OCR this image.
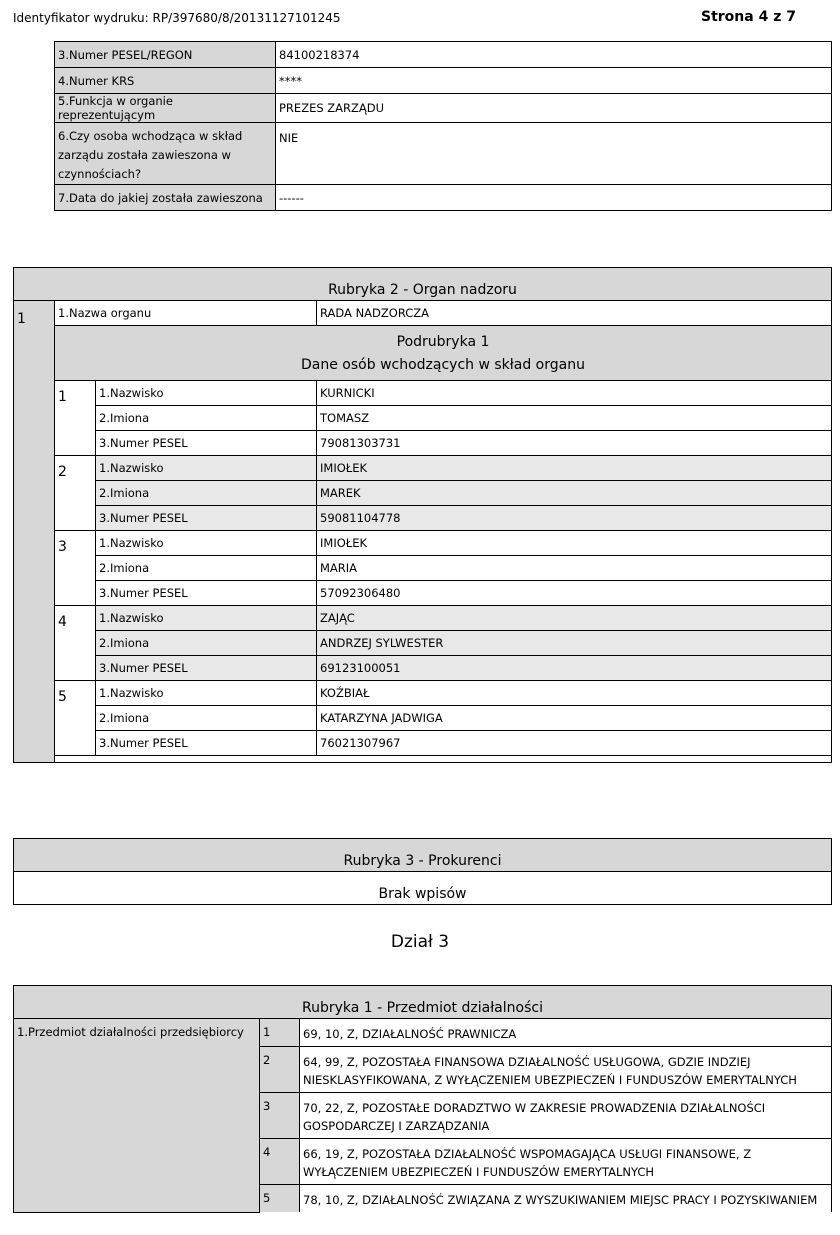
Identyfikator wydruku: RP/397680/8/20131127101245	Strona 4 z 7
3.Numer PESEL/REGON	84100218374
4.Numer KRS	****
5.Funkcja w organie reprezentującym	PREZES ZARZĄDU
6.Czy osoba wchodząca w skład zarządu została zawieszona w czynnościach?	NIE
7.Data do jakiej została zawieszona	------
Rubryka 2 - Organ nadzoru			
1	1.Nazwa organu		RADA NADZORCZA
	Podrubryka 1
Dane osób wchodzących w skład organu		
	1	1.Nazwisko	KURNICKI
		2.Imiona	TOMASZ
		3.Numer PESEL	79081303731
	2	1.Nazwisko	IMIOŁEK
		2.Imiona	MAREK
		3.Numer PESEL	59081104778
	3	1.Nazwisko	IMIOŁEK
		2.Imiona	MARIA
		3.Numer PESEL	57092306480
	4	1.Nazwisko	ZAJĄC
		2.Imiona	ANDRZEJ SYLWESTER
		3.Numer PESEL	69123100051
	5	1.Nazwisko	KOŹBIAŁ
		2.Imiona	KATARZYNA JADWIGA
		3.Numer PESEL	76021307967

Rubryka 3 - Prokurenci
Brak wpisów
Dział 3
Rubryka 1 - Przedmiot działalności		
1.Przedmiot działalności przedsiębiorcy	1	69, 10, Z, DZIAŁALNOŚĆ PRAWNICZA
	2	64, 99, Z, POZOSTAŁA FINANSOWA DZIAŁALNOŚĆ USŁUGOWA, GDZIE INDZIEJ NIESKLASYFIKOWANA, Z WYŁĄCZENIEM UBEZPIECZEŃ I FUNDUSZÓW EMERYTALNYCH
	3	70, 22, Z, POZOSTAŁE DORADZTWO W ZAKRESIE PROWADZENIA DZIAŁALNOŚCI GOSPODARCZEJ I ZARZĄDZANIA
	4	66, 19, Z, POZOSTAŁA DZIAŁALNOŚĆ WSPOMAGAJĄCA USŁUGI FINANSOWE, Z WYŁĄCZENIEM UBEZPIECZEŃ I FUNDUSZÓW EMERYTALNYCH
	5	78, 10, Z, DZIAŁALNOŚĆ ZWIĄZANA Z WYSZUKIWANIEM MIEJSC PRACY I POZYSKIWANIEM
